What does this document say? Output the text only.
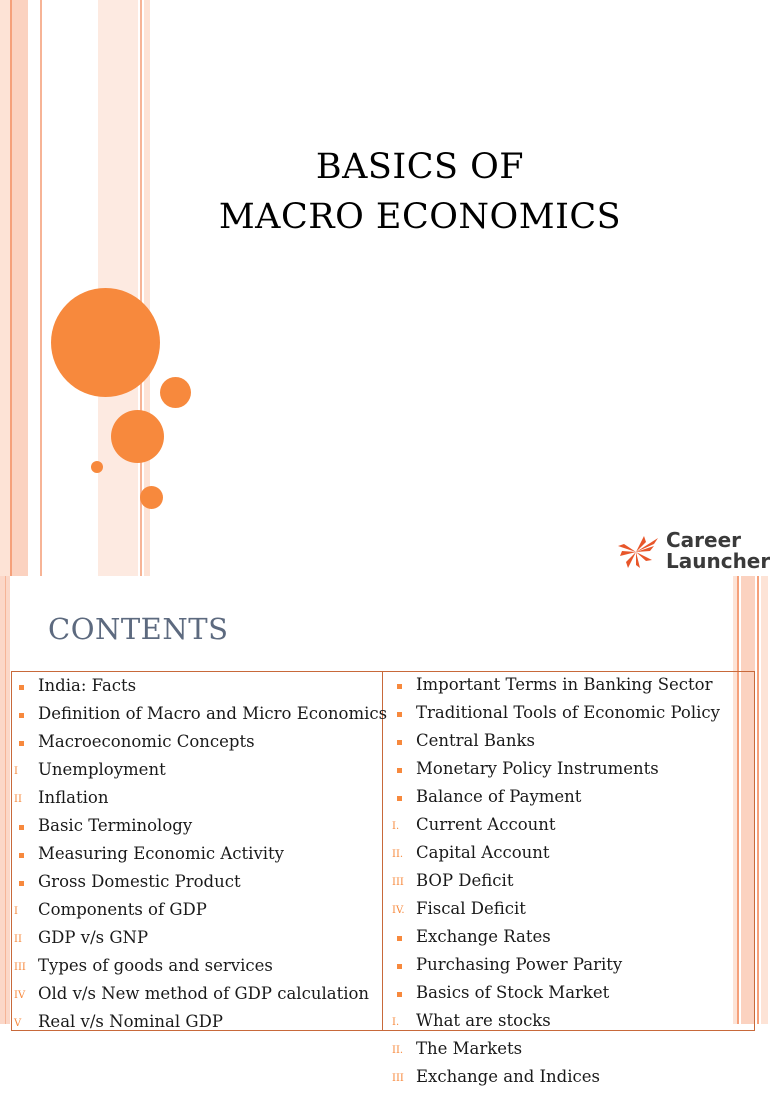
BASICS OF
MACRO ECONOMICS
Career
Launcher
CONTENTS
India: Facts
Definition of Macro and Micro Economics
Macroeconomic Concepts
I	Unemployment
II Inflation
Basic Terminology
Measuring Economic Activity
Gross Domestic Product
I	Components of GDP
II GDP v/s GNP
III Types of goods and services
IV Old v/s New method of GDP calculation
V	Real v/s Nominal GDP
Important Terms in Banking Sector
Traditional Tools of Economic Policy
Central Banks
Monetary Policy Instruments
Balance of Payment
I.	Current Account
II. Capital Account
III BOP Deficit
IV. Fiscal Deficit
Exchange Rates
Purchasing Power Parity
Basics of Stock Market
I.	What are stocks
II. The Markets
III Exchange and Indices
